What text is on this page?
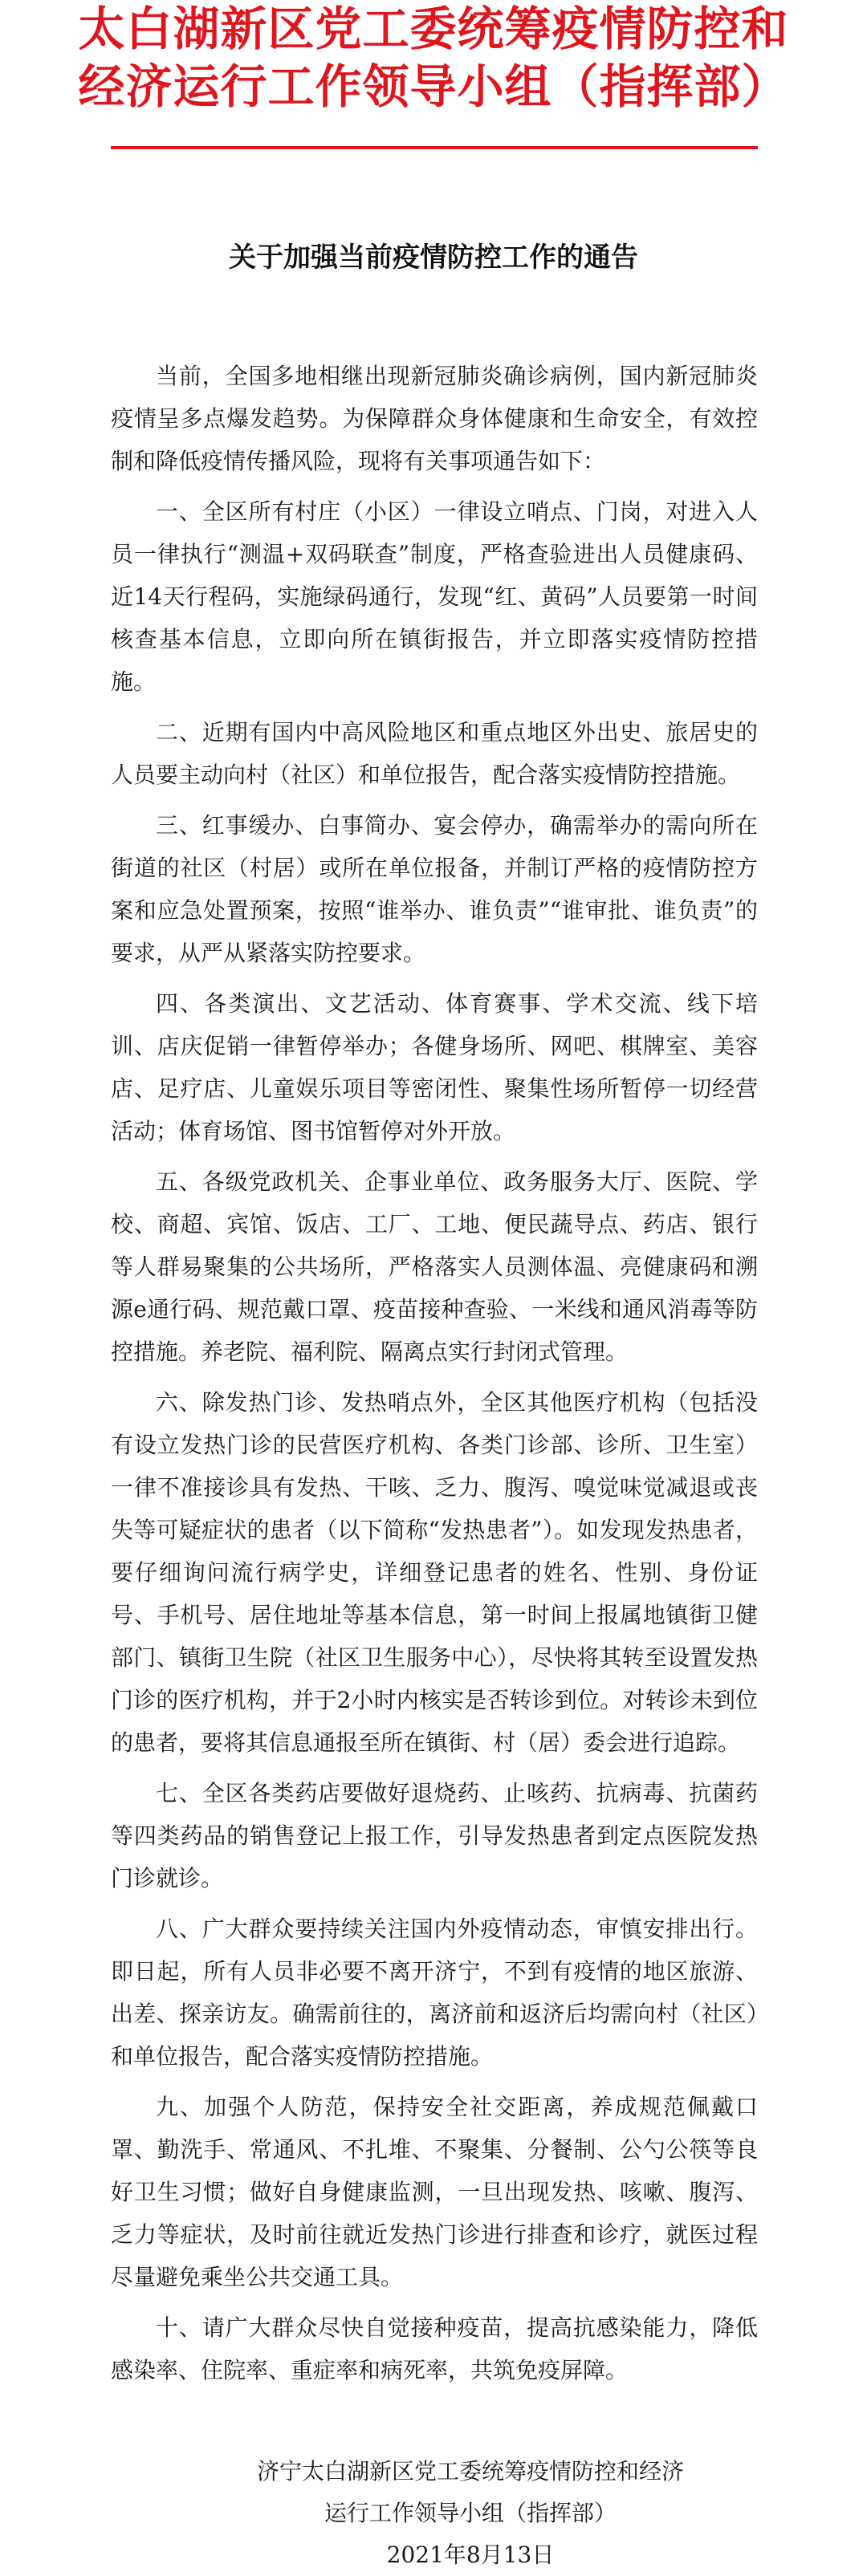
太白湖新区党工委统筹疫情防控和
经济运行工作领导小组（指挥部）
关于加强当前疫情防控工作的通告

当前，全国多地相继出现新冠肺炎确诊病例，国内新冠肺炎疫情呈多点爆发趋势。为保障群众身体健康和生命安全，有效控制和降低疫情传播风险，现将有关事项通告如下：

一、全区所有村庄（小区）一律设立哨点、门岗，对进入人员一律执行“测温+双码联查”制度，严格查验进出人员健康码、近14天行程码，实施绿码通行，发现“红、黄码”人员要第一时间核查基本信息，立即向所在镇街报告，并立即落实疫情防控措施。

二、近期有国内中高风险地区和重点地区外出史、旅居史的人员要主动向村（社区）和单位报告，配合落实疫情防控措施。

三、红事缓办、白事简办、宴会停办，确需举办的需向所在街道的社区（村居）或所在单位报备，并制订严格的疫情防控方案和应急处置预案，按照“谁举办、谁负责”“谁审批、谁负责”的要求，从严从紧落实防控要求。

四、各类演出、文艺活动、体育赛事、学术交流、线下培训、店庆促销一律暂停举办；各健身场所、网吧、棋牌室、美容店、足疗店、儿童娱乐项目等密闭性、聚集性场所暂停一切经营活动；体育场馆、图书馆暂停对外开放。

五、各级党政机关、企事业单位、政务服务大厅、医院、学校、商超、宾馆、饭店、工厂、工地、便民蔬导点、药店、银行等人群易聚集的公共场所，严格落实人员测体温、亮健康码和溯源e通行码、规范戴口罩、疫苗接种查验、一米线和通风消毒等防控措施。养老院、福利院、隔离点实行封闭式管理。

六、除发热门诊、发热哨点外，全区其他医疗机构（包括没有设立发热门诊的民营医疗机构、各类门诊部、诊所、卫生室）一律不准接诊具有发热、干咳、乏力、腹泻、嗅觉味觉减退或丧失等可疑症状的患者（以下简称“发热患者”）。如发现发热患者，要仔细询问流行病学史，详细登记患者的姓名、性别、身份证号、手机号、居住地址等基本信息，第一时间上报属地镇街卫健部门、镇街卫生院（社区卫生服务中心），尽快将其转至设置发热门诊的医疗机构，并于2小时内核实是否转诊到位。对转诊未到位的患者，要将其信息通报至所在镇街、村（居）委会进行追踪。

七、全区各类药店要做好退烧药、止咳药、抗病毒、抗菌药等四类药品的销售登记上报工作，引导发热患者到定点医院发热门诊就诊。

八、广大群众要持续关注国内外疫情动态，审慎安排出行。即日起，所有人员非必要不离开济宁，不到有疫情的地区旅游、出差、探亲访友。确需前往的，离济前和返济后均需向村（社区）和单位报告，配合落实疫情防控措施。

九、加强个人防范，保持安全社交距离，养成规范佩戴口罩、勤洗手、常通风、不扎堆、不聚集、分餐制、公勺公筷等良好卫生习惯；做好自身健康监测，一旦出现发热、咳嗽、腹泻、乏力等症状，及时前往就近发热门诊进行排查和诊疗，就医过程尽量避免乘坐公共交通工具。

十、请广大群众尽快自觉接种疫苗，提高抗感染能力，降低感染率、住院率、重症率和病死率，共筑免疫屏障。

济宁太白湖新区党工委统筹疫情防控和经济
运行工作领导小组（指挥部）
2021年8月13日
